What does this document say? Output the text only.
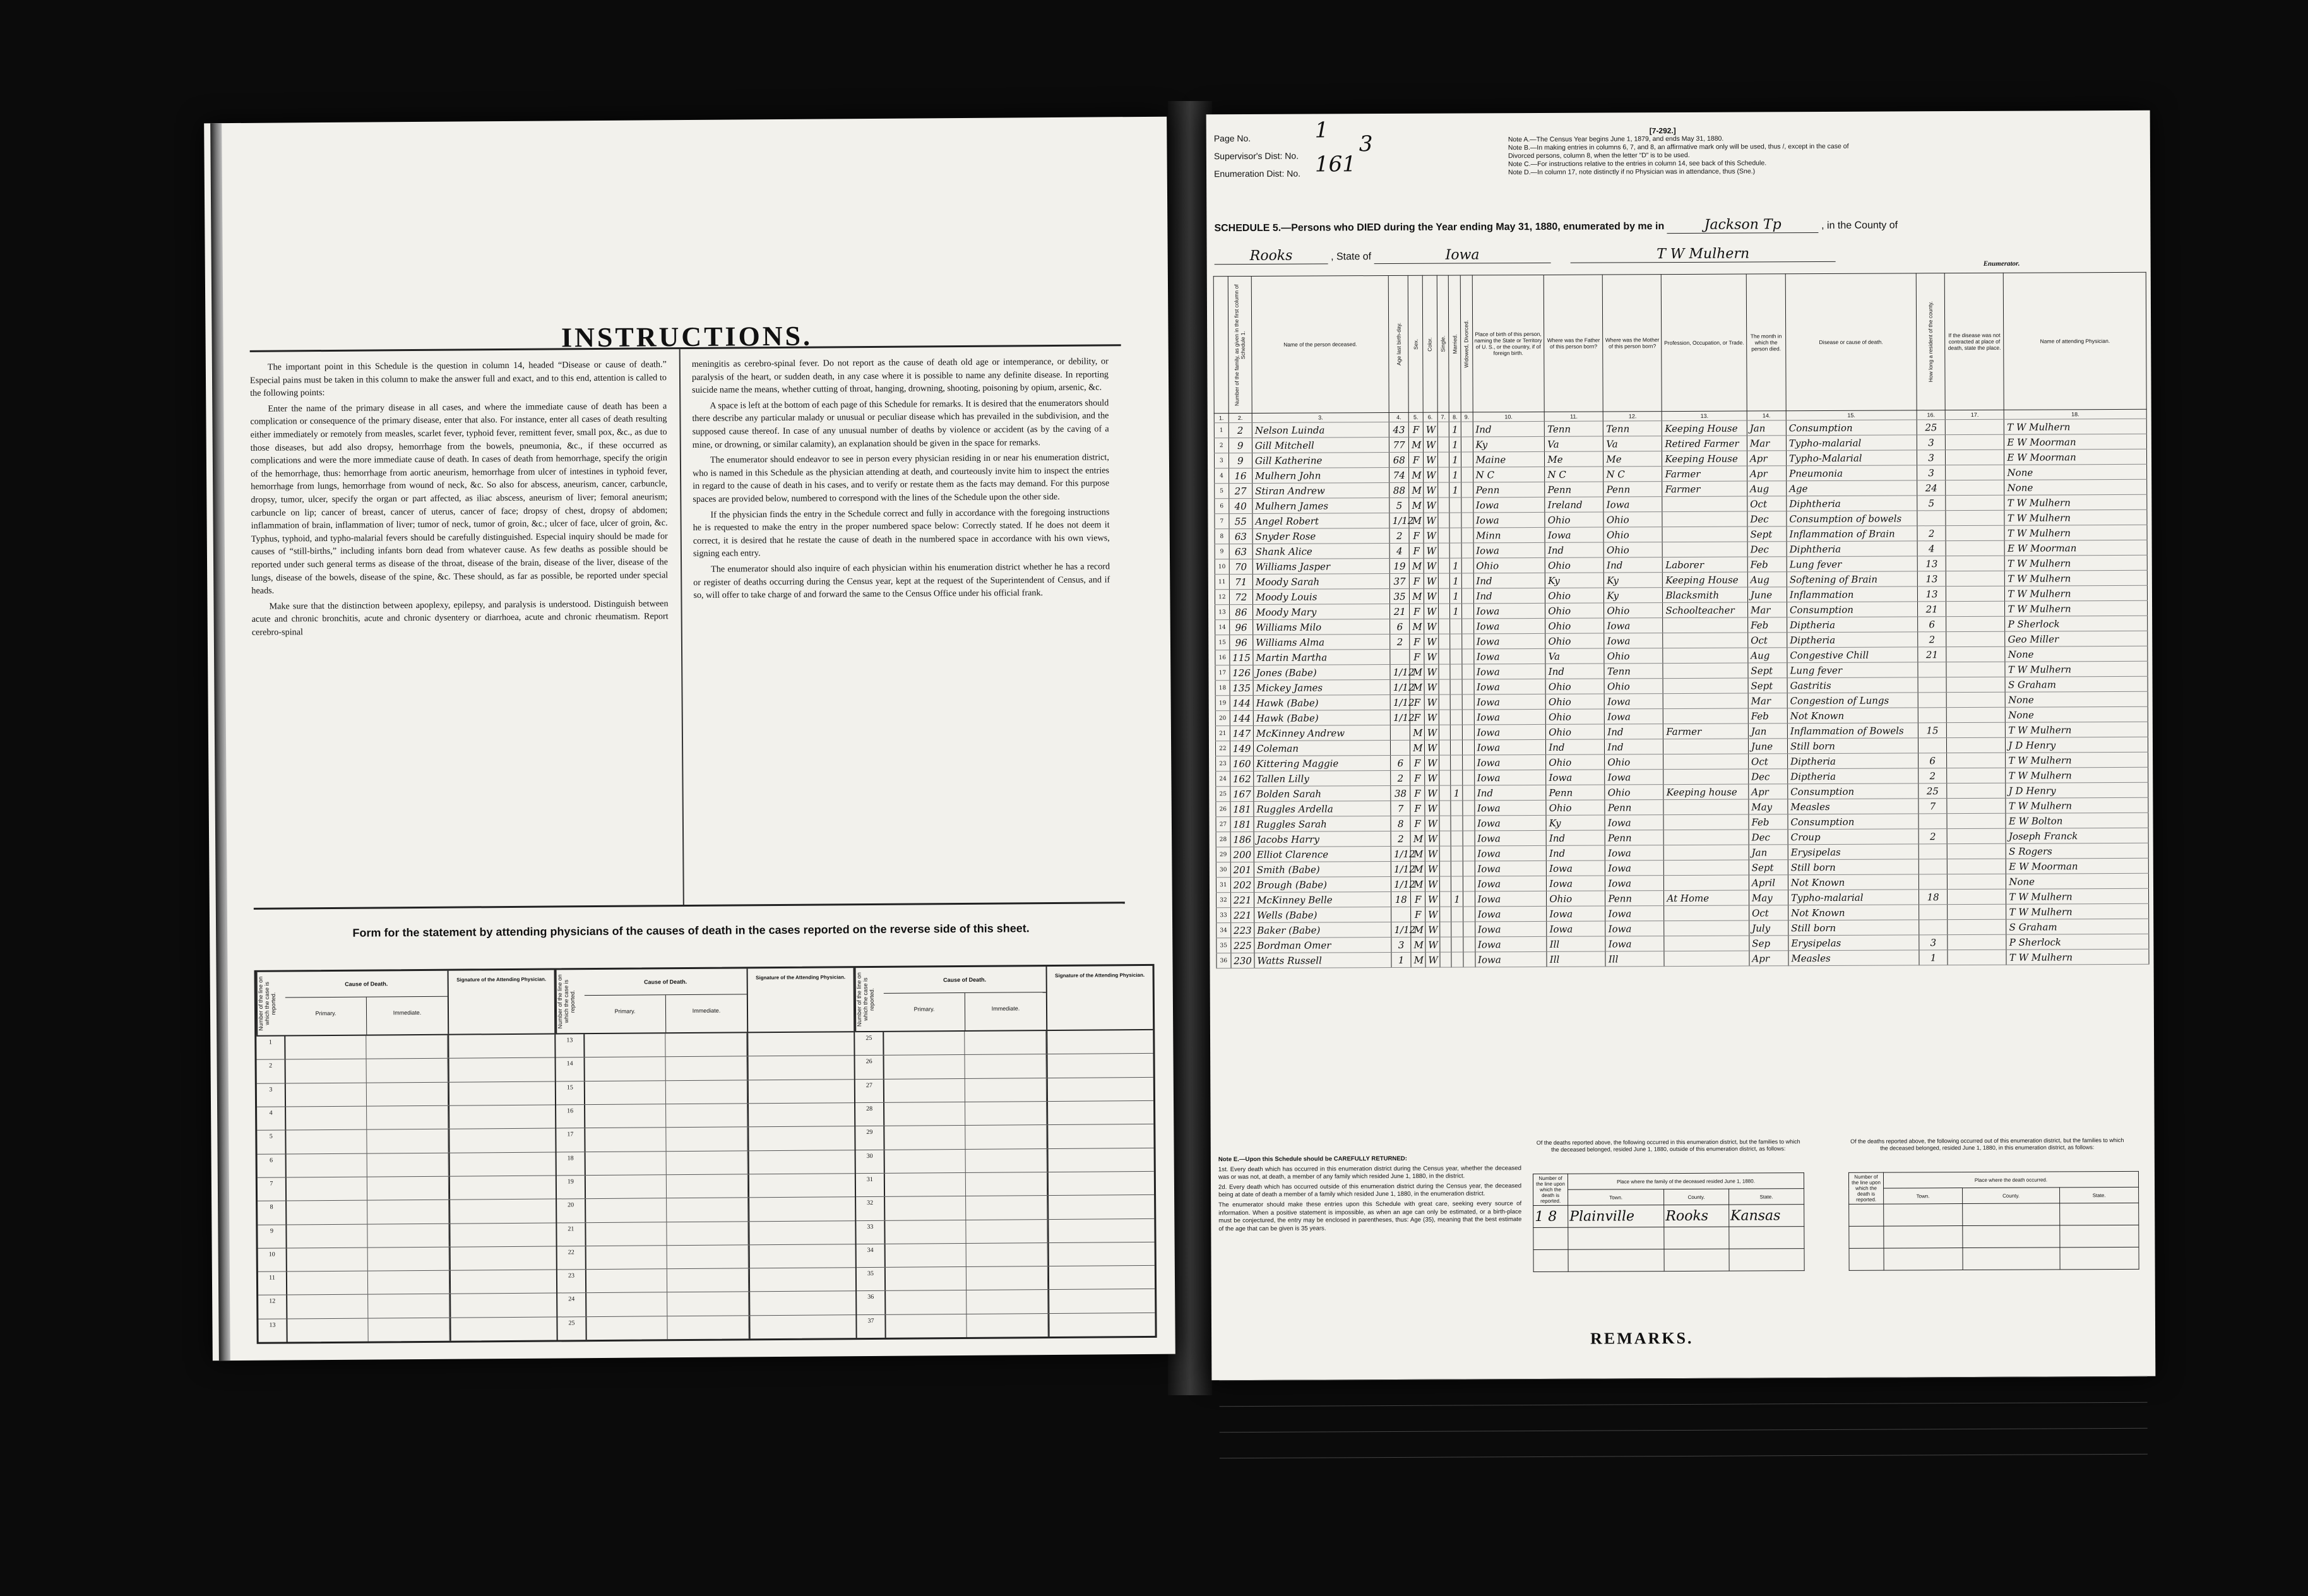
INSTRUCTIONS.

The important point in this Schedule is the question in column 14, headed “Disease or cause of death.” Especial pains must be taken in this column to make the answer full and exact, and to this end, attention is called to the following points:

Enter the name of the primary disease in all cases, and where the immediate cause of death has been a complication or consequence of the primary disease, enter that also. For instance, enter all cases of death resulting either immediately or remotely from measles, scarlet fever, typhoid fever, remittent fever, small pox, &c., as due to those diseases, but add also dropsy, hemorrhage from the bowels, pneumonia, &c., if these occurred as complications and were the more immediate cause of death. In cases of death from hemorrhage, specify the origin of the hemorrhage, thus: hemorrhage from aortic aneurism, hemorrhage from ulcer of intestines in typhoid fever, hemorrhage from lungs, hemorrhage from wound of neck, &c. So also for abscess, aneurism, cancer, carbuncle, dropsy, tumor, ulcer, specify the organ or part affected, as iliac abscess, aneurism of liver; femoral aneurism; carbuncle on lip; cancer of breast, cancer of uterus, cancer of face; dropsy of chest, dropsy of abdomen; inflammation of brain, inflammation of liver; tumor of neck, tumor of groin, &c.; ulcer of face, ulcer of groin, &c. Typhus, typhoid, and typho-malarial fevers should be carefully distinguished. Especial inquiry should be made for causes of “still-births,” including infants born dead from whatever cause. As few deaths as possible should be reported under such general terms as disease of the throat, disease of the brain, disease of the liver, disease of the lungs, disease of the bowels, disease of the spine, &c. These should, as far as possible, be reported under special heads.

Make sure that the distinction between apoplexy, epilepsy, and paralysis is understood. Distinguish between acute and chronic bronchitis, acute and chronic dysentery or diarrhoea, acute and chronic rheumatism. Report cerebro-spinal

meningitis as cerebro-spinal fever. Do not report as the cause of death old age or intemperance, or debility, or paralysis of the heart, or sudden death, in any case where it is possible to name any definite disease. In reporting suicide name the means, whether cutting of throat, hanging, drowning, shooting, poisoning by opium, arsenic, &c.

A space is left at the bottom of each page of this Schedule for remarks. It is desired that the enumerators should there describe any particular malady or unusual or peculiar disease which has prevailed in the subdivision, and the supposed cause thereof. In case of any unusual number of deaths by violence or accident (as by the caving of a mine, or drowning, or similar calamity), an explanation should be given in the space for remarks.

The enumerator should endeavor to see in person every physician residing in or near his enumeration district, who is named in this Schedule as the physician attending at death, and courteously invite him to inspect the entries in regard to the cause of death in his cases, and to verify or restate them as the facts may demand. For this purpose spaces are provided below, numbered to correspond with the lines of the Schedule upon the other side.

If the physician finds the entry in the Schedule correct and fully in accordance with the foregoing instructions he is requested to make the entry in the proper numbered space below: Correctly stated. If he does not deem it correct, it is desired that he restate the cause of death in the numbered space in accordance with his own views, signing each entry.

The enumerator should also inquire of each physician within his enumeration district whether he has a record or register of deaths occurring during the Census year, kept at the request of the Superintendent of Census, and if so, will offer to take charge of and forward the same to the Census Office under his official frank.

Form for the statement by attending physicians of the causes of death in the cases reported on the reverse side of this sheet.
Number of the line on which the case is reported.
Cause of Death.
Primary.	Immediate.
Signature of the Attending Physician.
1
2
3
4
5
6
7
8
9
10
11
12
13
Number of the line on which the case is reported.
Cause of Death.
Primary.	Immediate.
Signature of the Attending Physician.
13
14
15
16
17
18
19
20
21
22
23
24
25
Number of the line on which the case is reported.
Cause of Death.
Primary.	Immediate.
Signature of the Attending Physician.
25
26
27
28
29
30
31
32
33
34
35
36
37
[7-292.]
Page No.	1
Supervisor's Dist: No.	3
Enumeration Dist: No. 161
Note A.—The Census Year begins June 1, 1879, and ends May 31, 1880.
Note B.—In making entries in columns 6, 7, and 8, an affirmative mark only will be used, thus /, except in the case of Divorced persons, column 8, when the letter “D” is to be used.
Note C.—For instructions relative to the entries in column 14, see back of this Schedule.
Note D.—In column 17, note distinctly if no Physician was in attendance, thus (Sne.)
SCHEDULE 5.—Persons who DIED during the Year ending May 31, 1880, enumerated by me in	Jackson Tp	, in the County of
Rooks	, State of	Iowa	T W Mulhern
Enumerator.
	Number of the family, as given in the first column of Schedule 1.	Name of the person deceased.	Age last birth-day.	Sex.	Color.	Single.	Married.	Widowed, Divorced.	Place of birth of this person, naming the State or Territory of U. S., or the country, if of foreign birth.	Where was the Father of this person born?	Where was the Mother of this person born?	Profession, Occupation, or Trade.	The month in which the person died.	Disease or cause of death.	How long a resident of the county.	If the disease was not contracted at place of death, state the place.	Name of attending Physician.
1.	2.	3.	4.	5.	6.	7.	8.	9.	10.	11.	12.	13.	14.	15.	16.	17.	18.
1	2	Nelson Luinda	43	F	W		1		Ind	Tenn	Tenn	Keeping House	Jan	Consumption	25		T W Mulhern
2	9	Gill Mitchell	77	M	W		1		Ky	Va	Va	Retired Farmer	Mar	Typho-malarial	3		E W Moorman
3	9	Gill Katherine	68	F	W		1		Maine	Me	Me	Keeping House	Apr	Typho-Malarial	3		E W Moorman
4	16	Mulhern John	74	M	W		1		N C	N C	N C	Farmer	Apr	Pneumonia	3		None
5	27	Stiran Andrew	88	M	W		1		Penn	Penn	Penn	Farmer	Aug	Age	24		None
6	40	Mulhern James	5	M	W				Iowa	Ireland	Iowa		Oct	Diphtheria	5		T W Mulhern
7	55	Angel Robert	1/12	M	W				Iowa	Ohio	Ohio		Dec	Consumption of bowels			T W Mulhern
8	63	Snyder Rose	2	F	W				Minn	Iowa	Ohio		Sept	Inflammation of Brain	2		T W Mulhern
9	63	Shank Alice	4	F	W				Iowa	Ind	Ohio		Dec	Diphtheria	4		E W Moorman
10	70	Williams Jasper	19	M	W		1		Ohio	Ohio	Ind	Laborer	Feb	Lung fever	13		T W Mulhern
11	71	Moody Sarah	37	F	W		1		Ind	Ky	Ky	Keeping House	Aug	Softening of Brain	13		T W Mulhern
12	72	Moody Louis	35	M	W		1		Ind	Ohio	Ky	Blacksmith	June	Inflammation	13		T W Mulhern
13	86	Moody Mary	21	F	W		1		Iowa	Ohio	Ohio	Schoolteacher	Mar	Consumption	21		T W Mulhern
14	96	Williams Milo	6	M	W				Iowa	Ohio	Iowa		Feb	Diptheria	6		P Sherlock
15	96	Williams Alma	2	F	W				Iowa	Ohio	Iowa		Oct	Diptheria	2		Geo Miller
16	115	Martin Martha		F	W				Iowa	Va	Ohio		Aug	Congestive Chill	21		None
17	126	Jones (Babe)	1/12	M	W				Iowa	Ind	Tenn		Sept	Lung fever			T W Mulhern
18	135	Mickey James	1/12	M	W				Iowa	Ohio	Ohio		Sept	Gastritis			S Graham
19	144	Hawk (Babe)	1/12	F	W				Iowa	Ohio	Iowa		Mar	Congestion of Lungs			None
20	144	Hawk (Babe)	1/12	F	W				Iowa	Ohio	Iowa		Feb	Not Known			None
21	147	McKinney Andrew		M	W				Iowa	Ohio	Ind	Farmer	Jan	Inflammation of Bowels	15		T W Mulhern
22	149	Coleman		M	W				Iowa	Ind	Ind		June	Still born			J D Henry
23	160	Kittering Maggie	6	F	W				Iowa	Ohio	Ohio		Oct	Diptheria	6		T W Mulhern
24	162	Tallen Lilly	2	F	W				Iowa	Iowa	Iowa		Dec	Diptheria	2		T W Mulhern
25	167	Bolden Sarah	38	F	W		1		Ind	Penn	Ohio	Keeping house	Apr	Consumption	25		J D Henry
26	181	Ruggles Ardella	7	F	W				Iowa	Ohio	Penn		May	Measles	7		T W Mulhern
27	181	Ruggles Sarah	8	F	W				Iowa	Ky	Iowa		Feb	Consumption			E W Bolton
28	186	Jacobs Harry	2	M	W				Iowa	Ind	Penn		Dec	Croup	2		Joseph Franck
29	200	Elliot Clarence	1/12	M	W				Iowa	Ind	Iowa		Jan	Erysipelas			S Rogers
30	201	Smith (Babe)	1/12	M	W				Iowa	Iowa	Iowa		Sept	Still born			E W Moorman
31	202	Brough (Babe)	1/12	M	W				Iowa	Iowa	Iowa		April	Not Known			None
32	221	McKinney Belle	18	F	W		1		Iowa	Ohio	Penn	At Home	May	Typho-malarial	18		T W Mulhern
33	221	Wells (Babe)		F	W				Iowa	Iowa	Iowa		Oct	Not Known			T W Mulhern
34	223	Baker (Babe)	1/12	M	W				Iowa	Iowa	Iowa		July	Still born			S Graham
35	225	Bordman Omer	3	M	W				Iowa	Ill	Iowa		Sep	Erysipelas	3		P Sherlock
36	230	Watts Russell	1	M	W				Iowa	Ill	Ill		Apr	Measles	1		T W Mulhern

Note E.—Upon this Schedule should be CAREFULLY RETURNED:

1st. Every death which has occurred in this enumeration district during the Census year, whether the deceased was or was not, at death, a member of any family which resided June 1, 1880, in the district.

2d. Every death which has occurred outside of this enumeration district during the Census year, the deceased being at date of death a member of a family which resided June 1, 1880, in the enumeration district.

The enumerator should make these entries upon this Schedule with great care, seeking every source of information. When a positive statement is impossible, as when an age can only be estimated, or a birth-place must be conjectured, the entry may be enclosed in parentheses, thus: Age (35), meaning that the best estimate of the age that can be given is 35 years.

Of the deaths reported above, the following occurred in this enumeration district, but the families to which the deceased belonged, resided June 1, 1880, outside of this enumeration district, as follows:
Number of the line upon which the death is reported.	Place where the family of the deceased resided June 1, 1880.		
	Town.	County.	State.
1 8	Plainville	Rooks	Kansas

Of the deaths reported above, the following occurred out of this enumeration district, but the families to which the deceased belonged, resided June 1, 1880, in this enumeration district, as follows:
Number of the line upon which the death is reported.	Place where the death occurred.		
	Town.	County.	State.

REMARKS.
